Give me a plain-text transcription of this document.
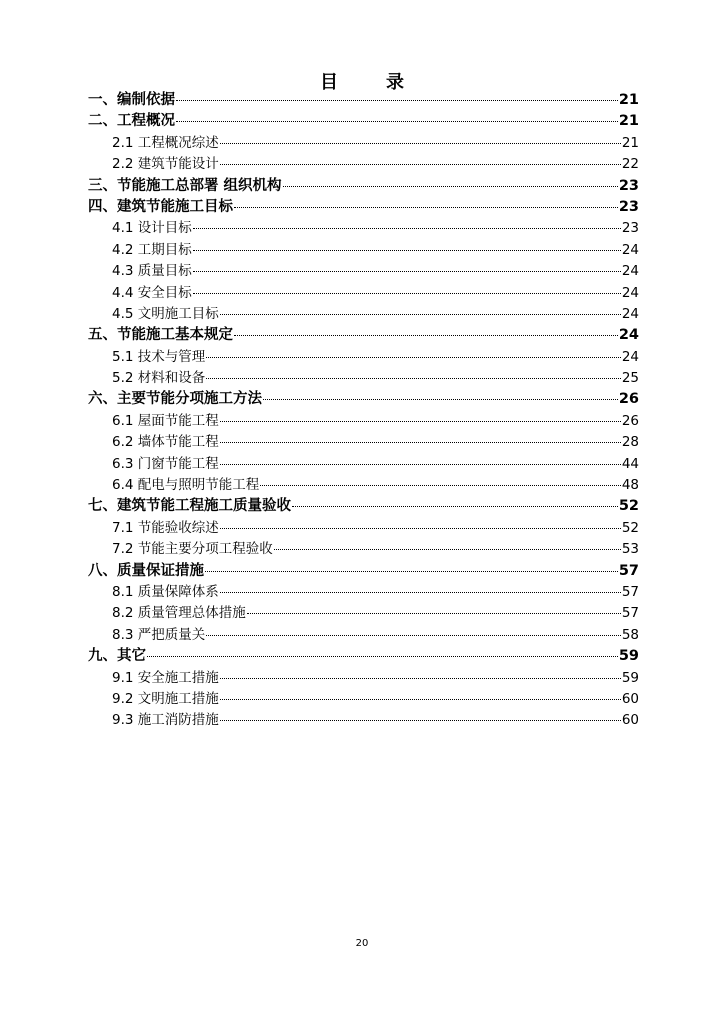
目	录
一、编制依据	21
二、工程概况	21
2.1 工程概况综述	21
2.2 建筑节能设计	22
三、节能施工总部署 组织机构	23
四、建筑节能施工目标	23
4.1 设计目标	23
4.2 工期目标	24
4.3 质量目标	24
4.4 安全目标	24
4.5 文明施工目标	24
五、节能施工基本规定	24
5.1 技术与管理	24
5.2 材料和设备	25
六、主要节能分项施工方法	26
6.1 屋面节能工程	26
6.2 墙体节能工程	28
6.3 门窗节能工程	44
6.4 配电与照明节能工程	48
七、建筑节能工程施工质量验收	52
7.1 节能验收综述	52
7.2 节能主要分项工程验收	53
八、质量保证措施	57
8.1 质量保障体系	57
8.2 质量管理总体措施	57
8.3 严把质量关	58
九、其它	59
9.1 安全施工措施	59
9.2 文明施工措施	60
9.3 施工消防措施	60
20
